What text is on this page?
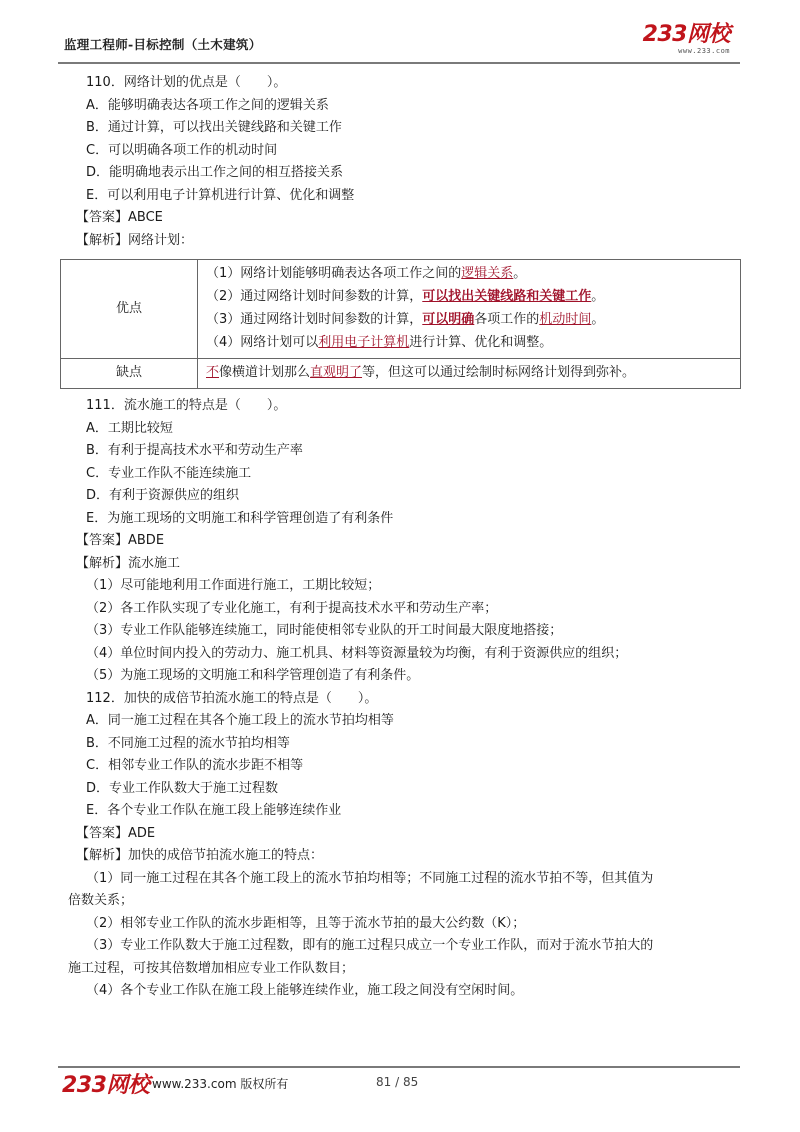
监理工程师-目标控制（土木建筑）	233网校
www.233.com
110．网络计划的优点是（　　）。
A．能够明确表达各项工作之间的逻辑关系
B．通过计算，可以找出关键线路和关键工作
C．可以明确各项工作的机动时间
D．能明确地表示出工作之间的相互搭接关系
E．可以利用电子计算机进行计算、优化和调整
【答案】ABCE
【解析】网络计划：
优点	（1）网络计划能够明确表达各项工作之间的逻辑关系。
（2）通过网络计划时间参数的计算，可以找出关键线路和关键工作。
（3）通过网络计划时间参数的计算，可以明确各项工作的机动时间。
（4）网络计划可以利用电子计算机进行计算、优化和调整。

缺点	不像横道计划那么直观明了等，但这可以通过绘制时标网络计划得到弥补。
111．流水施工的特点是（　　）。
A．工期比较短
B．有利于提高技术水平和劳动生产率
C．专业工作队不能连续施工
D．有利于资源供应的组织
E．为施工现场的文明施工和科学管理创造了有利条件
【答案】ABDE
【解析】流水施工
（1）尽可能地利用工作面进行施工，工期比较短；
（2）各工作队实现了专业化施工，有利于提高技术水平和劳动生产率；
（3）专业工作队能够连续施工，同时能使相邻专业队的开工时间最大限度地搭接；
（4）单位时间内投入的劳动力、施工机具、材料等资源量较为均衡，有利于资源供应的组织；
（5）为施工现场的文明施工和科学管理创造了有利条件。
112．加快的成倍节拍流水施工的特点是（　　）。
A．同一施工过程在其各个施工段上的流水节拍均相等
B．不同施工过程的流水节拍均相等
C．相邻专业工作队的流水步距不相等
D．专业工作队数大于施工过程数
E．各个专业工作队在施工段上能够连续作业
【答案】ADE
【解析】加快的成倍节拍流水施工的特点：
（1）同一施工过程在其各个施工段上的流水节拍均相等；不同施工过程的流水节拍不等，但其值为
倍数关系；
（2）相邻专业工作队的流水步距相等，且等于流水节拍的最大公约数（K）；
（3）专业工作队数大于施工过程数，即有的施工过程只成立一个专业工作队，而对于流水节拍大的
施工过程，可按其倍数增加相应专业工作队数目；
（4）各个专业工作队在施工段上能够连续作业，施工段之间没有空闲时间。
233网校 www.233.com 版权所有	81 / 85
